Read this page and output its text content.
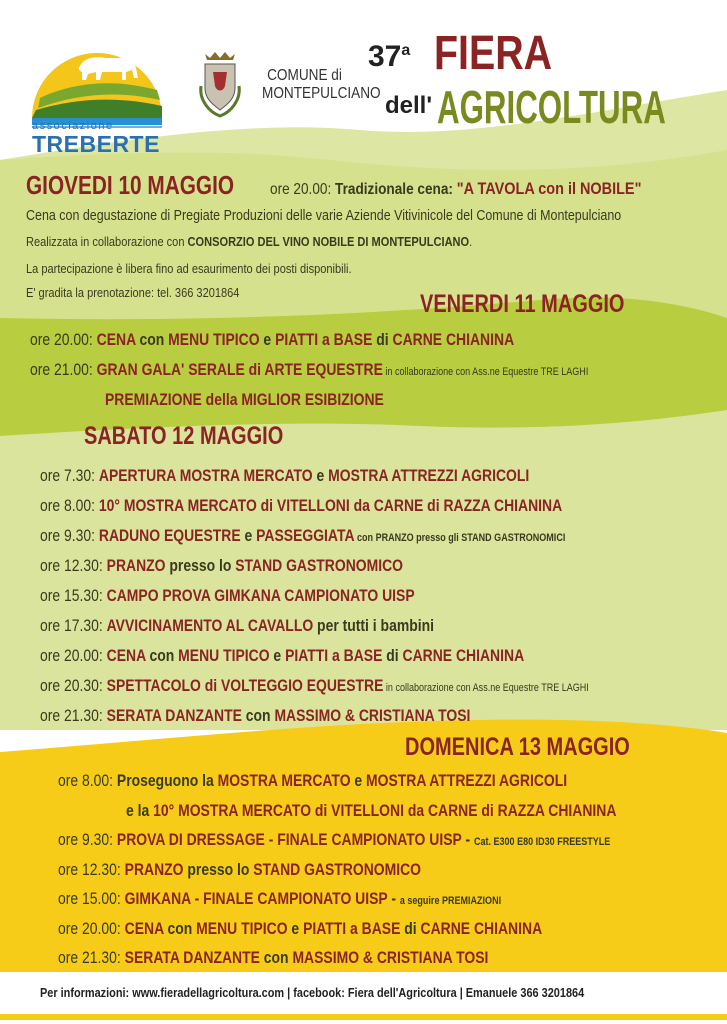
associazione
TREBERTE
COMUNE di
MONTEPULCIANO
37$^a$ FIERA
dell' AGRICOLTURA
GIOVEDI 10 MAGGIO ore 20.00: Tradizionale cena: "A TAVOLA con il NOBILE"
Cena con degustazione di Pregiate Produzioni delle varie Aziende Vitivinicole del Comune di Montepulciano
Realizzata in collaborazione con CONSORZIO DEL VINO NOBILE DI MONTEPULCIANO.
La partecipazione è libera fino ad esaurimento dei posti disponibili.
E' gradita la prenotazione: tel. 366 3201864	VENERDI 11 MAGGIO
ore 20.00: CENA con MENU TIPICO e PIATTI a BASE di CARNE CHIANINA
ore 21.00: GRAN GALA' SERALE di ARTE EQUESTRE in collaborazione con Ass.ne Equestre TRE LAGHI
PREMIAZIONE della MIGLIOR ESIBIZIONE
SABATO 12 MAGGIO
ore 7.30: APERTURA MOSTRA MERCATO e MOSTRA ATTREZZI AGRICOLI
ore 8.00: 10° MOSTRA MERCATO di VITELLONI da CARNE di RAZZA CHIANINA
ore 9.30: RADUNO EQUESTRE e PASSEGGIATA con PRANZO presso gli STAND GASTRONOMICI
ore 12.30: PRANZO presso lo STAND GASTRONOMICO
ore 15.30: CAMPO PROVA GIMKANA CAMPIONATO UISP
ore 17.30: AVVICINAMENTO AL CAVALLO per tutti i bambini
ore 20.00: CENA con MENU TIPICO e PIATTI a BASE di CARNE CHIANINA
ore 20.30: SPETTACOLO di VOLTEGGIO EQUESTRE in collaborazione con Ass.ne Equestre TRE LAGHI
ore 21.30: SERATA DANZANTE con MASSIMO & CRISTIANA TOSI
DOMENICA 13 MAGGIO
ore 8.00: Proseguono la MOSTRA MERCATO e MOSTRA ATTREZZI AGRICOLI
e la 10° MOSTRA MERCATO di VITELLONI da CARNE di RAZZA CHIANINA
ore 9.30: PROVA DI DRESSAGE - FINALE CAMPIONATO UISP - Cat. E300 E80 ID30 FREESTYLE
ore 12.30: PRANZO presso lo STAND GASTRONOMICO
ore 15.00: GIMKANA - FINALE CAMPIONATO UISP - a seguire PREMIAZIONI
ore 20.00: CENA con MENU TIPICO e PIATTI a BASE di CARNE CHIANINA
ore 21.30: SERATA DANZANTE con MASSIMO & CRISTIANA TOSI
Per informazioni: www.fieradellagricoltura.com | facebook: Fiera dell'Agricoltura | Emanuele 366 3201864
